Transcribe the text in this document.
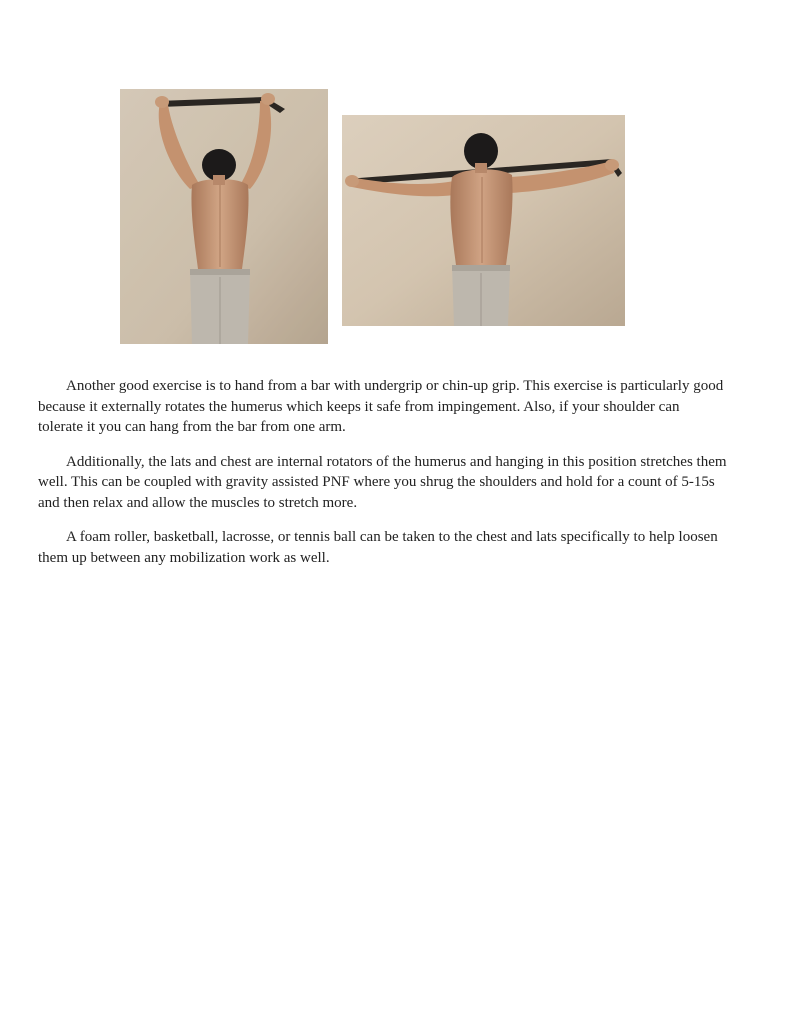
Another good exercise is to hand from a bar with undergrip or chin-up grip. This exercise is particularly good because it externally rotates the humerus which keeps it safe from impingement. Also, if your shoulder can tolerate it you can hang from the bar from one arm.

Additionally, the lats and chest are internal rotators of the humerus and hanging in this position stretches them well. This can be coupled with gravity assisted PNF where you shrug the shoulders and hold for a count of 5-15s and then relax and allow the muscles to stretch more.

A foam roller, basketball, lacrosse, or tennis ball can be taken to the chest and lats specifically to help loosen them up between any mobilization work as well.
